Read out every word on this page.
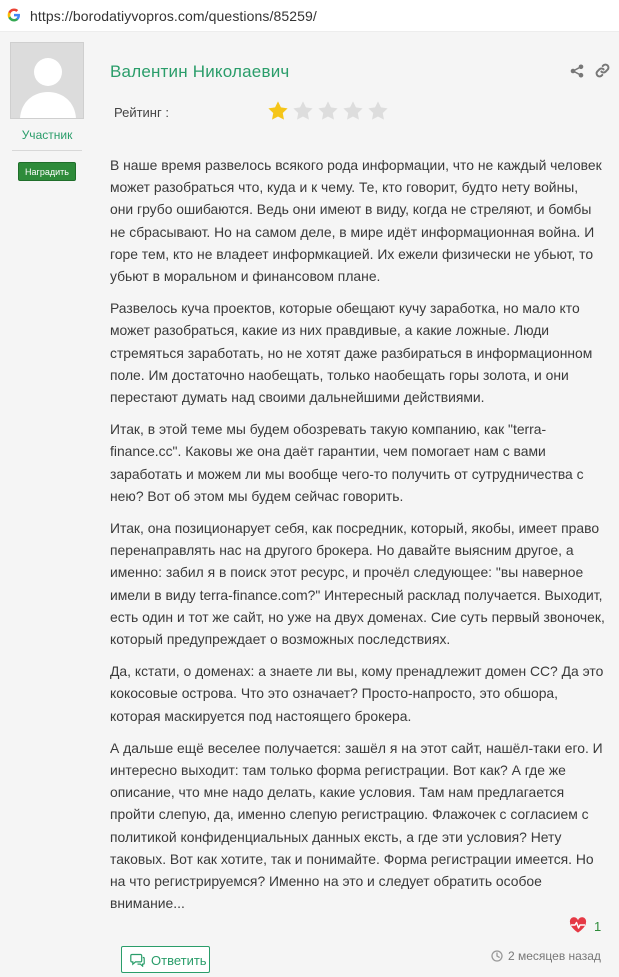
https://borodatiyvopros.com/questions/85259/
Участник
Наградить
Валентин Николаевич
Рейтинг :

В наше время развелось всякого рода информации, что не каждый человек может разобраться что, куда и к чему. Те, кто говорит, будто нету войны, они грубо ошибаются. Ведь они имеют в виду, когда не стреляют, и бомбы не сбрасывают. Но на самом деле, в мире идёт информационная война. И горе тем, кто не владеет информкацией. Их ежели физически не убьют, то убьют в моральном и финансовом плане.

Развелось куча проектов, которые обещают кучу заработка, но мало кто может разобраться, какие из них правдивые, а какие ложные. Люди стремяться заработать, но не хотят даже разбираться в информационном поле. Им достаточно наобещать, только наобещать горы золота, и они перестают думать над своими дальнейшими действиями.

Итак, в этой теме мы будем обозревать такую компанию, как "terra-finance.cc". Каковы же она даёт гарантии, чем помогает нам с вами заработать и можем ли мы вообще чего-то получить от сутрудничества с нею? Вот об этом мы будем сейчас говорить.

Итак, она позиционарует себя, как посредник, который, якобы, имеет право перенаправлять нас на другого брокера. Но давайте выясним другое, а именно: забил я в поиск этот ресурс, и прочёл следующее: "вы наверное имели в виду terra-finance.com?" Интересный расклад получается. Выходит, есть один и тот же сайт, но уже на двух доменах. Сие суть первый звоночек, который предупреждает о возможных последствиях.

Да, кстати, о доменах: а знаете ли вы, кому пренадлежит домен СС? Да это кокосовые острова. Что это означает? Просто-напросто, это обшора, которая маскируется под настоящего брокера.

А дальше ещё веселее получается: зашёл я на этот сайт, нашёл-таки его. И интересно выходит: там только форма регистрации. Вот как? А где же описание, что мне надо делать, какие условия. Там нам предлагается пройти слепую, да, именно слепую регистрацию. Флажочек с согласием с политикой конфиденциальных данных ексть, а где эти условия? Нету таковых. Вот как хотите, так и понимайте. Форма регистрации имеется. Но на что регистрируемся? Именно на это и следует обратить особое внимание...

1
Ответить	2 месяцев назад
